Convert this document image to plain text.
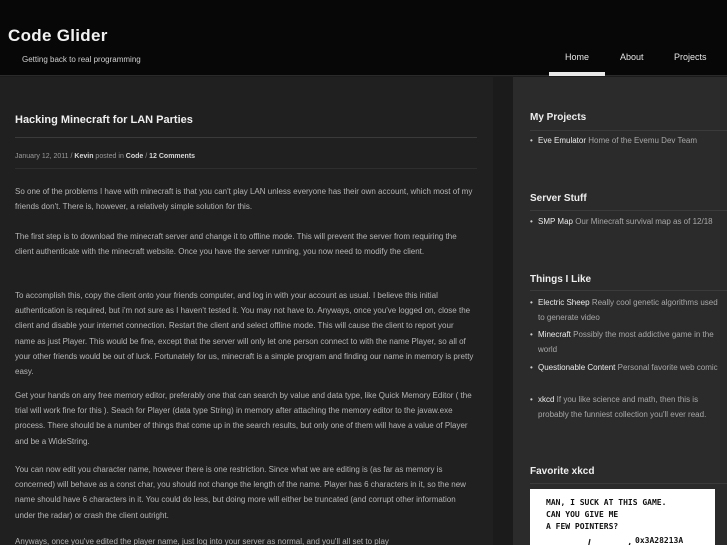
Code Glider
Getting back to real programming	Home	About	Projects
Hacking Minecraft for LAN Parties
January 12, 2011 / Kevin posted in Code / 12 Comments

So one of the problems I have with minecraft is that you can't play LAN unless everyone has their own account, which most of my friends don't. There is, however, a relatively simple solution for this.

The first step is to download the minecraft server and change it to offline mode. This will prevent the server from requiring the client authenticate with the minecraft website. Once you have the server running, you now need to modify the client.

To accomplish this, copy the client onto your friends computer, and log in with your account as usual. I believe this initial authentication is required, but i'm not sure as I haven't tested it. You may not have to. Anyways, once you've logged on, close the client and disable your internet connection. Restart the client and select offline mode. This will cause the client to report your name as just Player. This would be fine, except that the server will only let one person connect to with the name Player, so all of your other friends would be out of luck. Fortunately for us, minecraft is a simple program and finding our name in memory is pretty easy.

Get your hands on any free memory editor, preferably one that can search by value and data type, like Quick Memory Editor ( the trial will work fine for this ). Seach for Player (data type String) in memory after attaching the memory editor to the javaw.exe process. There should be a number of things that come up in the search results, but only one of them will have a value of Player and be a WideString.

You can now edit you character name, however there is one restriction. Since what we are editing is (as far as memory is concerned) will behave as a const char, you should not change the length of the name. Player has 6 characters in it, so the new name should have 6 characters in it. You could do less, but doing more will either be truncated (and corrupt other information under the radar) or crash the client outright.

Anyways, once you've edited the player name, just log into your server as normal, and you'll all set to play

My Projects
• Eve Emulator Home of the Evemu Dev Team
Server Stuff
• SMP Map Our Minecraft survival map as of 12/18
Things I Like
• Electric Sheep Really cool genetic algorithms used to generate video
• Minecraft Possibly the most addictive game in the world
• Questionable Content Personal favorite web comic
• xkcd If you like science and math, then this is probably the funniest collection you'll ever read.
Favorite xkcd
MAN, I SUCK AT THIS GAME.
CAN YOU GIVE ME
A FEW POINTERS?
0x3A28213A
